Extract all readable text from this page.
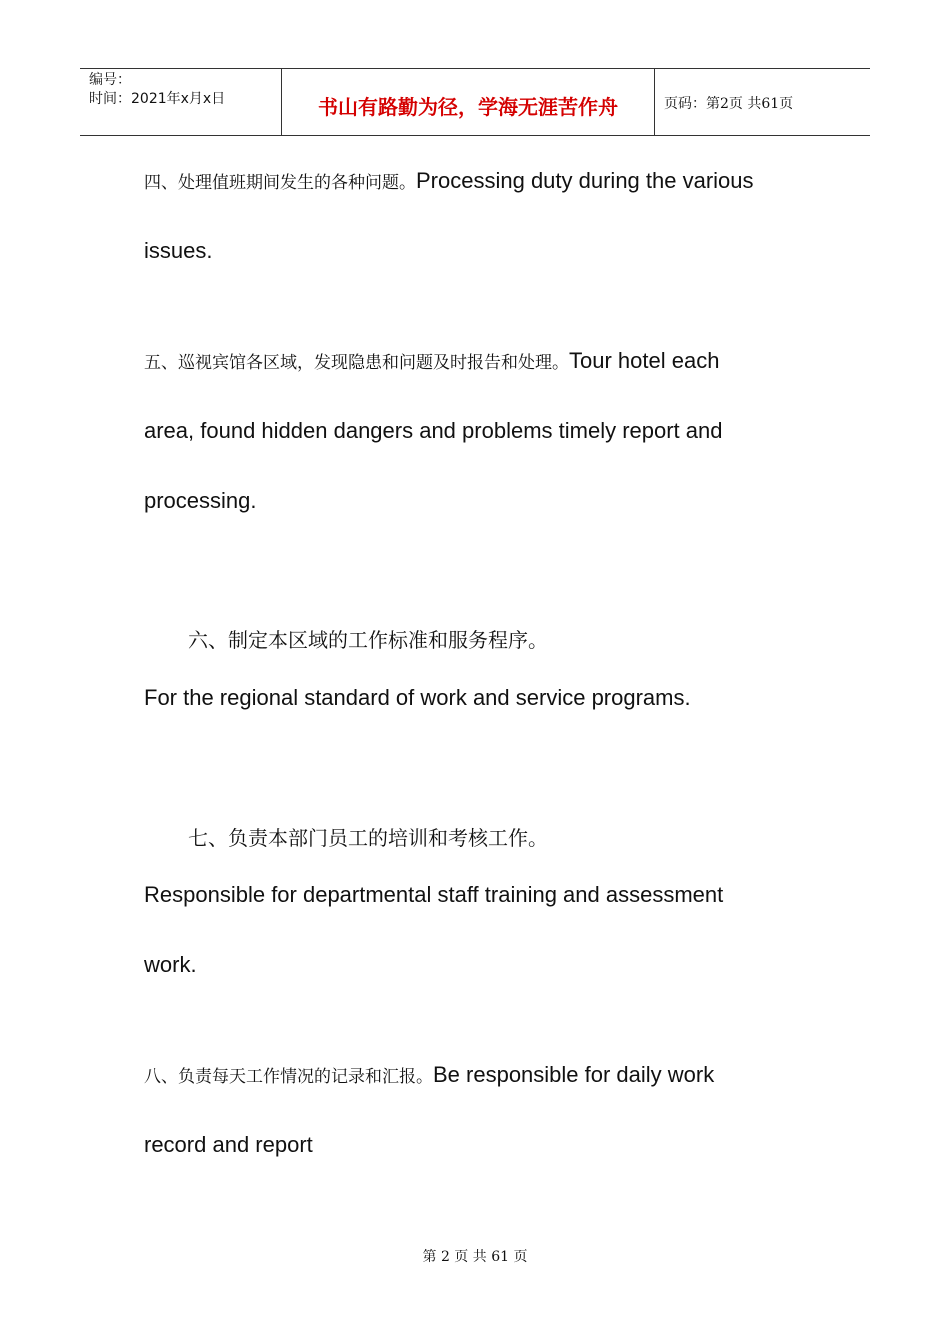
编号：
时间：2021年x月x日	书山有路勤为径，学海无涯苦作舟	页码：第2页 共61页

四、处理值班期间发生的各种问题。Processing duty during the various

issues.

五、巡视宾馆各区域，发现隐患和问题及时报告和处理。Tour hotel each

area, found hidden dangers and problems timely report and

processing.

六、制定本区域的工作标准和服务程序。

For the regional standard of work and service programs.

七、负责本部门员工的培训和考核工作。

Responsible for departmental staff training and assessment

work.

八、负责每天工作情况的记录和汇报。Be responsible for daily work

record and report

第 2 页 共 61 页
